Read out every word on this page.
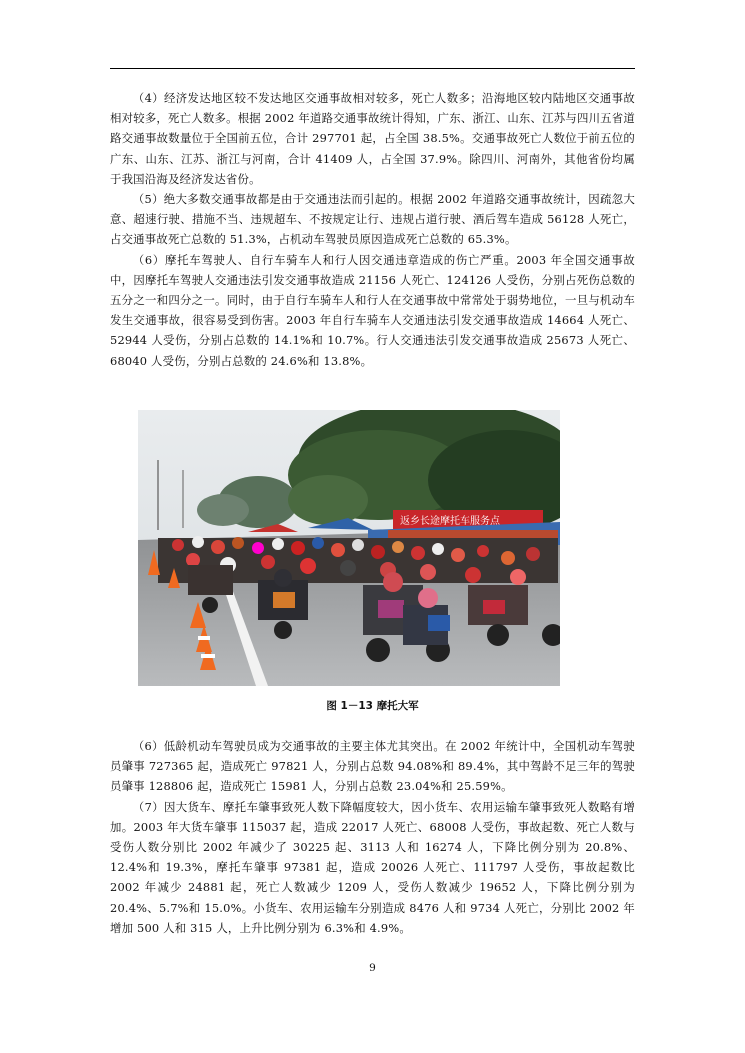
（4）经济发达地区较不发达地区交通事故相对较多，死亡人数多；沿海地区较内陆地区交通事故相对较多，死亡人数多。根据 2002 年道路交通事故统计得知，广东、浙江、山东、江苏与四川五省道路交通事故数量位于全国前五位，合计 297701 起，占全国 38.5%。交通事故死亡人数位于前五位的广东、山东、江苏、浙江与河南，合计 41409 人，占全国 37.9%。除四川、河南外，其他省份均属于我国沿海及经济发达省份。

（5）绝大多数交通事故都是由于交通违法而引起的。根据 2002 年道路交通事故统计，因疏忽大意、超速行驶、措施不当、违规超车、不按规定让行、违规占道行驶、酒后驾车造成 56128 人死亡，占交通事故死亡总数的 51.3%，占机动车驾驶员原因造成死亡总数的 65.3%。

（6）摩托车驾驶人、自行车骑车人和行人因交通违章造成的伤亡严重。2003 年全国交通事故中，因摩托车驾驶人交通违法引发交通事故造成 21156 人死亡、124126 人受伤，分别占死伤总数的五分之一和四分之一。同时，由于自行车骑车人和行人在交通事故中常常处于弱势地位，一旦与机动车发生交通事故，很容易受到伤害。2003 年自行车骑车人交通违法引发交通事故造成 14664 人死亡、52944 人受伤，分别占总数的 14.1%和 10.7%。行人交通违法引发交通事故造成 25673 人死亡、68040 人受伤，分别占总数的 24.6%和 13.8%。

返乡长途摩托车服务点
图 1－13 摩托大军

（6）低龄机动车驾驶员成为交通事故的主要主体尤其突出。在 2002 年统计中，全国机动车驾驶员肇事 727365 起，造成死亡 97821 人，分别占总数 94.08%和 89.4%，其中驾龄不足三年的驾驶员肇事 128806 起，造成死亡 15981 人，分别占总数 23.04%和 25.59%。

（7）因大货车、摩托车肇事致死人数下降幅度较大，因小货车、农用运输车肇事致死人数略有增加。2003 年大货车肇事 115037 起，造成 22017 人死亡、68008 人受伤，事故起数、死亡人数与受伤人数分别比 2002 年减少了 30225 起、3113 人和 16274 人，下降比例分别为 20.8%、12.4%和 19.3%，摩托车肇事 97381 起，造成 20026 人死亡、111797 人受伤，事故起数比 2002 年减少 24881 起，死亡人数减少 1209 人，受伤人数减少 19652 人，下降比例分别为 20.4%、5.7%和 15.0%。小货车、农用运输车分别造成 8476 人和 9734 人死亡，分别比 2002 年增加 500 人和 315 人，上升比例分别为 6.3%和 4.9%。

9
